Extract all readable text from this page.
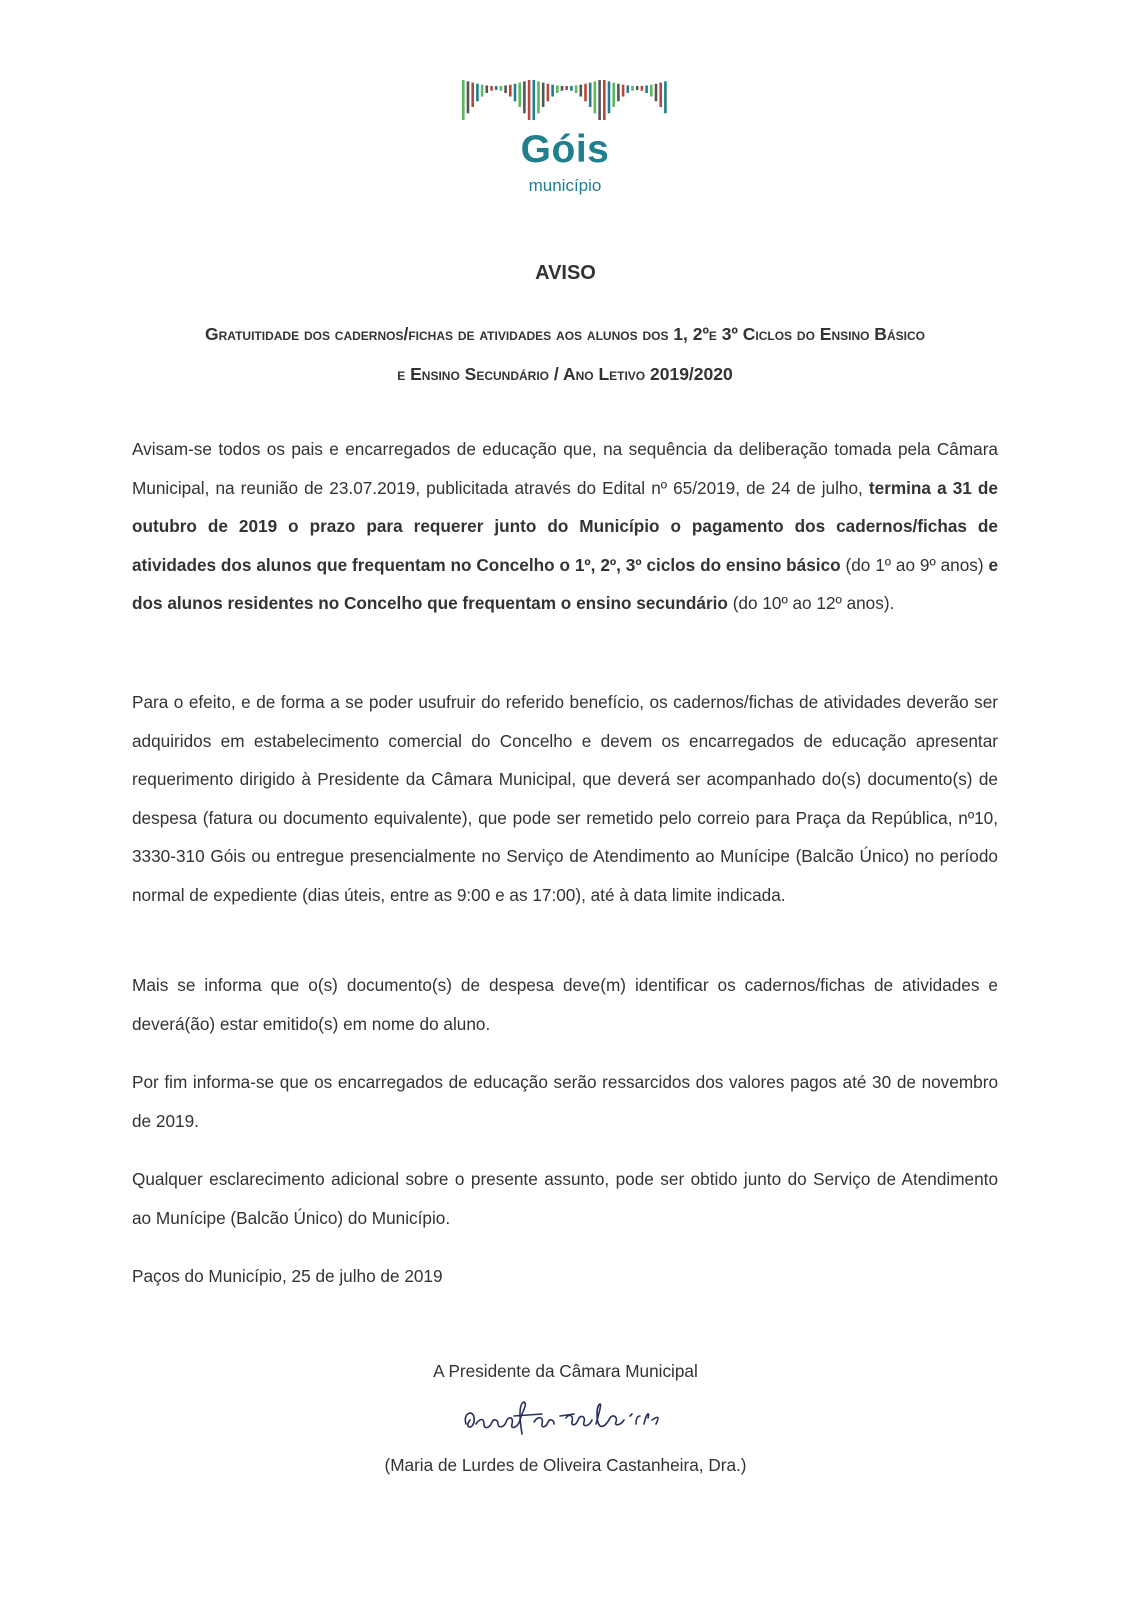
Góis
município
AVISO
Gratuitidade dos cadernos/fichas de atividades aos alunos dos 1, 2ºe 3º Ciclos do Ensino Básico
e Ensino Secundário / Ano Letivo 2019/2020

Avisam-se todos os pais e encarregados de educação que, na sequência da deliberação tomada pela Câmara Municipal, na reunião de 23.07.2019, publicitada através do Edital nº 65/2019, de 24 de julho, termina a 31 de outubro de 2019 o prazo para requerer junto do Município o pagamento dos cadernos/fichas de atividades dos alunos que frequentam no Concelho o 1º, 2º, 3º ciclos do ensino básico (do 1º ao 9º anos) e dos alunos residentes no Concelho que frequentam o ensino secundário (do 10º ao 12º anos).

Para o efeito, e de forma a se poder usufruir do referido benefício, os cadernos/fichas de atividades deverão ser adquiridos em estabelecimento comercial do Concelho e devem os encarregados de educação apresentar requerimento dirigido à Presidente da Câmara Municipal, que deverá ser acompanhado do(s) documento(s) de despesa (fatura ou documento equivalente), que pode ser remetido pelo correio para Praça da República, nº10, 3330-310 Góis ou entregue presencialmente no Serviço de Atendimento ao Munícipe (Balcão Único) no período normal de expediente (dias úteis, entre as 9:00 e as 17:00), até à data limite indicada.

Mais se informa que o(s) documento(s) de despesa deve(m) identificar os cadernos/fichas de atividades e deverá(ão) estar emitido(s) em nome do aluno.

Por fim informa-se que os encarregados de educação serão ressarcidos dos valores pagos até 30 de novembro de 2019.

Qualquer esclarecimento adicional sobre o presente assunto, pode ser obtido junto do Serviço de Atendimento ao Munícipe (Balcão Único) do Município.

Paços do Município, 25 de julho de 2019

A Presidente da Câmara Municipal
(Maria de Lurdes de Oliveira Castanheira, Dra.)
